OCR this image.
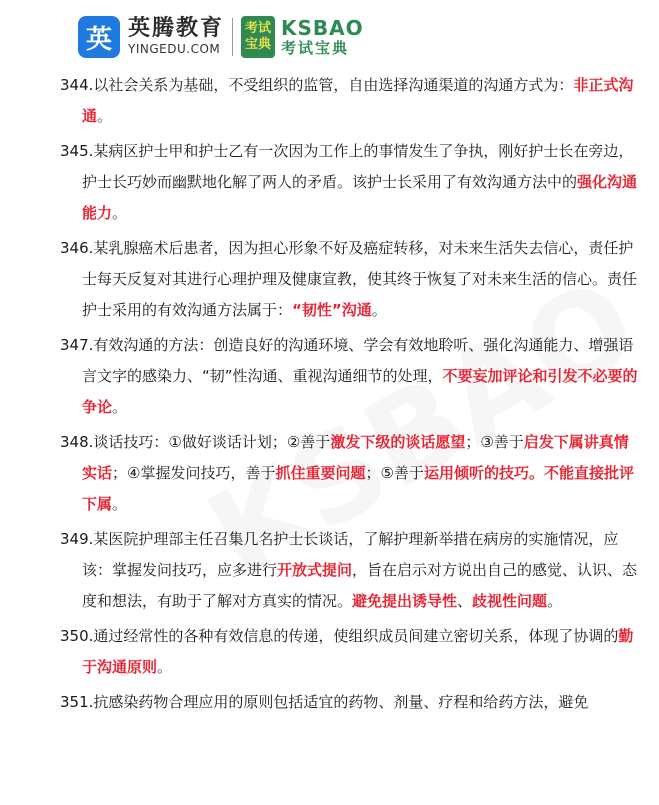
英 英腾教育
YINGEDU.COM
考试
宝典
KSBAO
考试宝典

344.以社会关系为基础，不受组织的监管，自由选择沟通渠道的沟通方式为：非正式沟通。

345.某病区护士甲和护士乙有一次因为工作上的事情发生了争执，刚好护士长在旁边，护士长巧妙而幽默地化解了两人的矛盾。该护士长采用了有效沟通方法中的强化沟通能力。

346.某乳腺癌术后患者，因为担心形象不好及癌症转移，对未来生活失去信心，责任护士每天反复对其进行心理护理及健康宣教，使其终于恢复了对未来生活的信心。责任护士采用的有效沟通方法属于：“韧性”沟通。

347.有效沟通的方法：创造良好的沟通环境、学会有效地聆听、强化沟通能力、增强语言文字的感染力、“韧”性沟通、重视沟通细节的处理，不要妄加评论和引发不必要的争论。

348.谈话技巧：①做好谈话计划；②善于激发下级的谈话愿望；③善于启发下属讲真情实话；④掌握发问技巧，善于抓住重要问题；⑤善于运用倾听的技巧。不能直接批评下属。

349.某医院护理部主任召集几名护士长谈话，了解护理新举措在病房的实施情况，应该：掌握发问技巧，应多进行开放式提问，旨在启示对方说出自己的感觉、认识、态度和想法，有助于了解对方真实的情况。避免提出诱导性、歧视性问题。

350.通过经常性的各种有效信息的传递，使组织成员间建立密切关系，体现了协调的勤于沟通原则。

351.抗感染药物合理应用的原则包括适宜的药物、剂量、疗程和给药方法，避免
